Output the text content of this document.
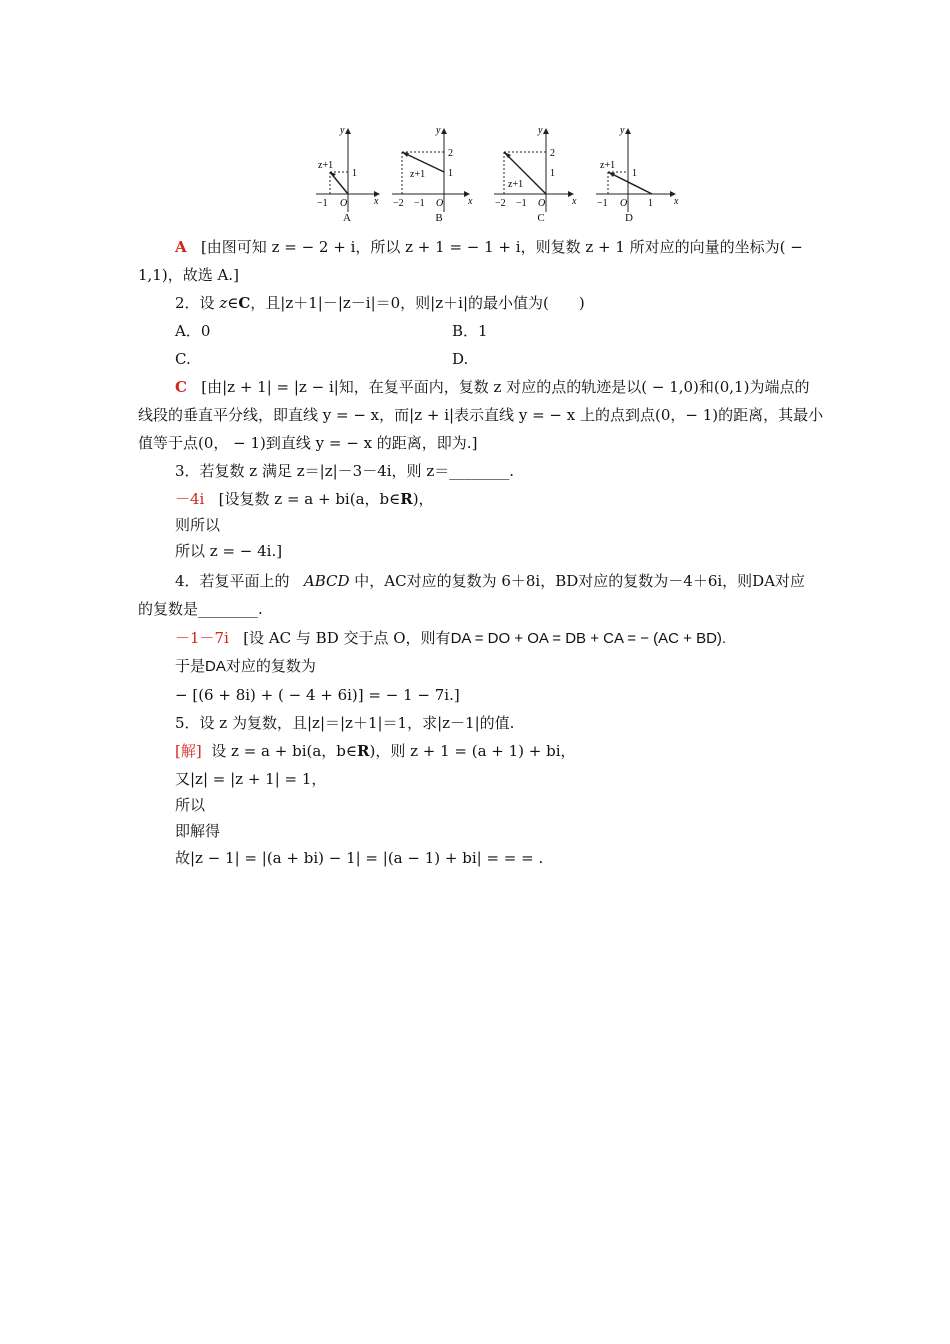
y
x
O
−1
z+1
1
A
y
x
O
−2 −1
z+1
2
1
B
y
x
O
−2 −1
z+1
2
1
C
y
x
O
−1	1
z+1
1
D
A [由图可知 z = − 2 + i，所以 z + 1 = − 1 + i，则复数 z + 1 所对应的向量的坐标为( −
1,1)，故选 A.]
2．设 z∈C，且|z＋1|－|z－i|＝0，则|z＋i|的最小值为(　　)
A．0	B．1
C.	D.
C [由|z + 1| = |z − i|知，在复平面内，复数 z 对应的点的轨迹是以( − 1,0)和(0,1)为端点的
线段的垂直平分线，即直线 y = − x，而|z + i|表示直线 y = − x 上的点到点(0，− 1)的距离，其最小
值等于点(0， − 1)到直线 y = − x 的距离，即为.]
3．若复数 z 满足 z＝|z|－3－4i，则 z＝________.
－4i [设复数 z = a + bi(a，b∈R)，
则所以
所以 z = − 4i.]
4．若复平面上的 ABCD 中，AC对应的复数为 6＋8i，BD对应的复数为－4＋6i，则DA对应
的复数是________.
－1－7i [设 AC 与 BD 交于点 O，则有DA = DO + OA = DB + CA = − (AC + BD).
于是DA对应的复数为
− [(6 + 8i) + ( − 4 + 6i)] = − 1 − 7i.]
5．设 z 为复数，且|z|＝|z＋1|＝1，求|z－1|的值.
[解] 设 z = a + bi(a，b∈R)，则 z + 1 = (a + 1) + bi，
又|z| = |z + 1| = 1，
所以
即解得
故|z − 1| = |(a + bi) − 1| = |(a − 1) + bi| = = = .
